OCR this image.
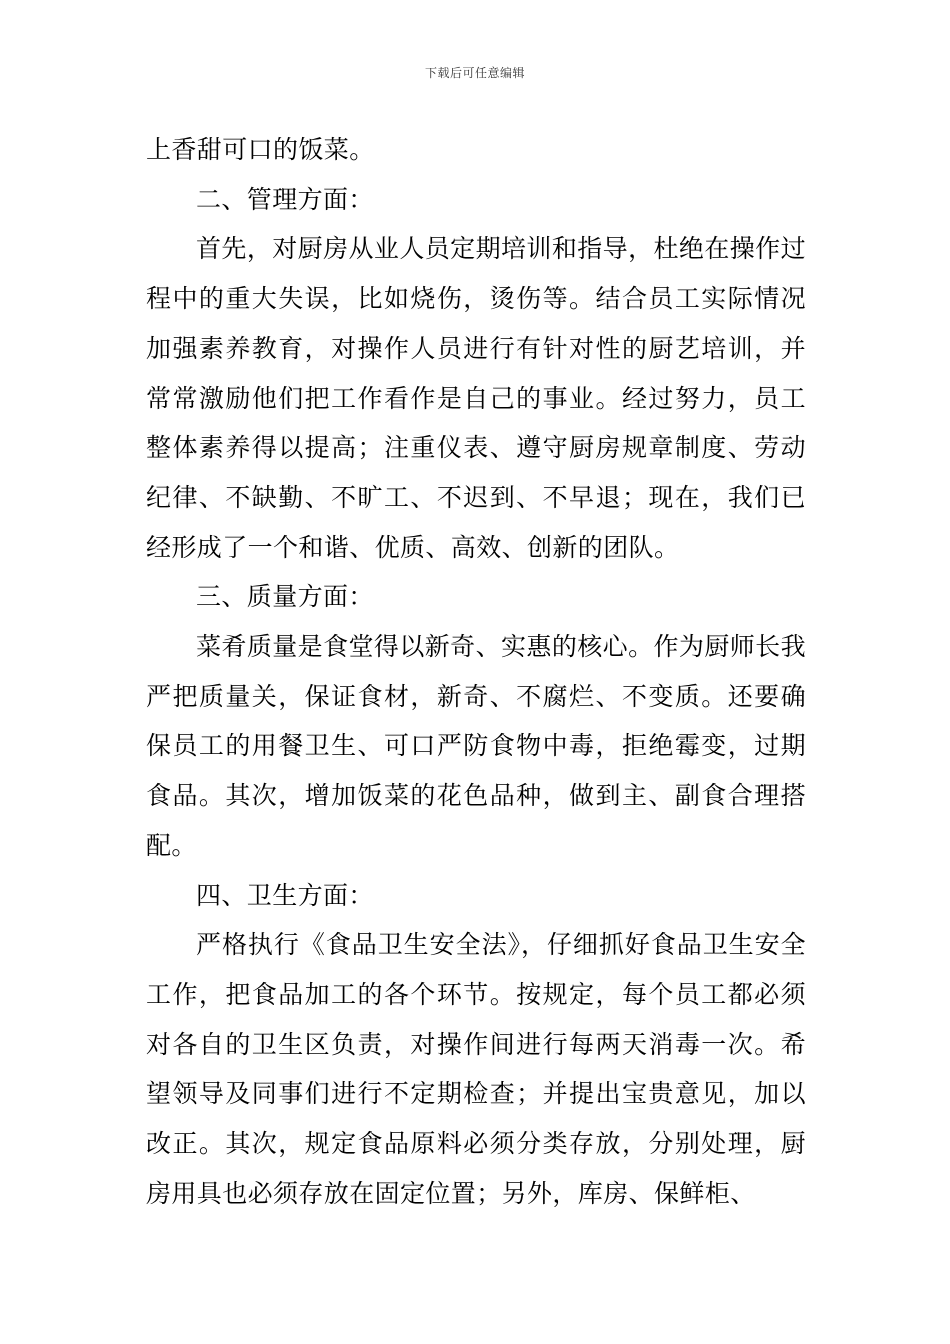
下载后可任意编辑

上香甜可口的饭菜。

二、管理方面：

首先，对厨房从业人员定期培训和指导，杜绝在操作过程中的重大失误，比如烧伤，烫伤等。结合员工实际情况加强素养教育，对操作人员进行有针对性的厨艺培训，并常常激励他们把工作看作是自己的事业。经过努力，员工整体素养得以提高；注重仪表、遵守厨房规章制度、劳动纪律、不缺勤、不旷工、不迟到、不早退；现在，我们已经形成了一个和谐、优质、高效、创新的团队。

三、质量方面：

菜肴质量是食堂得以新奇、实惠的核心。作为厨师长我严把质量关，保证食材，新奇、不腐烂、不变质。还要确保员工的用餐卫生、可口严防食物中毒，拒绝霉变，过期食品。其次，增加饭菜的花色品种，做到主、副食合理搭配。

四、卫生方面：

严格执行《食品卫生安全法》，仔细抓好食品卫生安全工作，把食品加工的各个环节。按规定，每个员工都必须对各自的卫生区负责，对操作间进行每两天消毒一次。希望领导及同事们进行不定期检查；并提出宝贵意见，加以改正。其次，规定食品原料必须分类存放，分别处理，厨房用具也必须存放在固定位置；另外，库房、保鲜柜、
